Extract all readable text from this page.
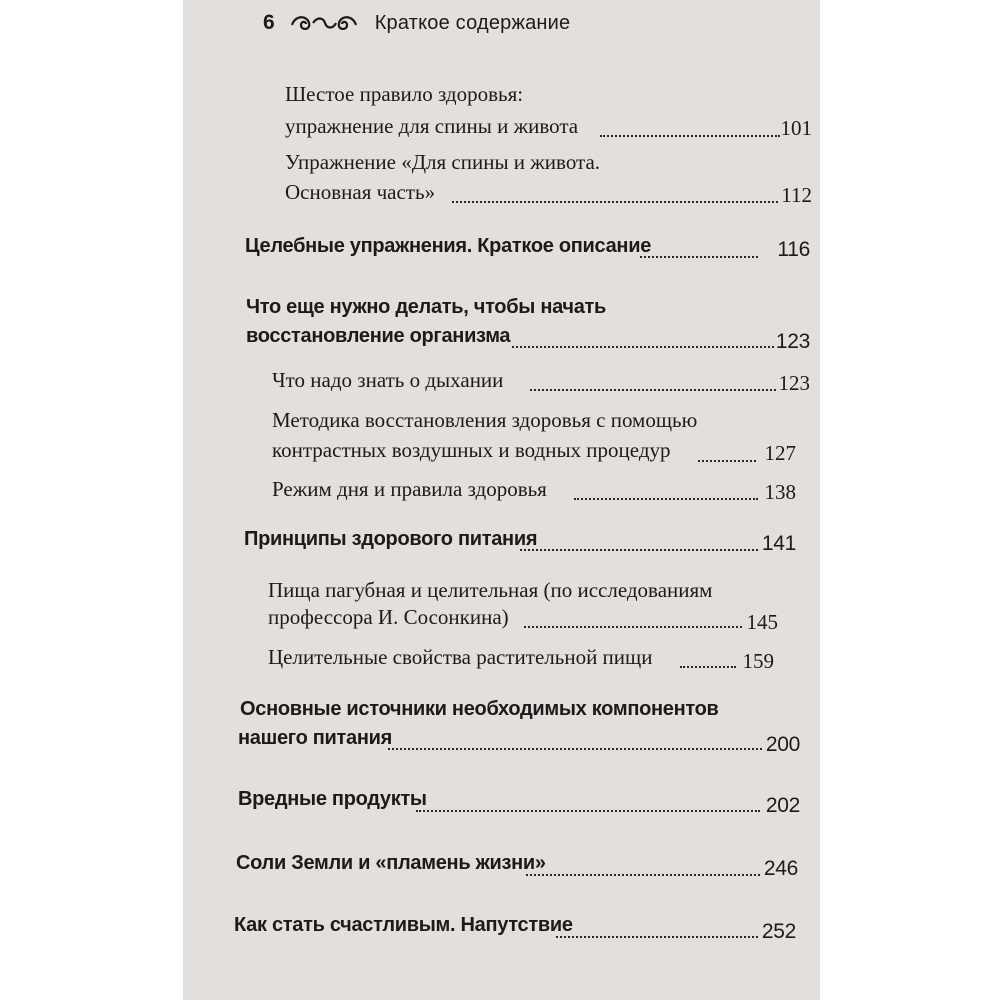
6	Краткое содержание
Шестое правило здоровья:
упражнение для спины и живота	101
Упражнение «Для спины и живота.
Основная часть»	112
Целебные упражнения. Краткое описание	116
Что еще нужно делать, чтобы начать
восстановление организма	123
Что надо знать о дыхании	123
Методика восстановления здоровья с помощью
контрастных воздушных и водных процедур	127
Режим дня и правила здоровья	138
Принципы здорового питания	141
Пища пагубная и целительная (по исследованиям
профессора И. Сосонкина)	145
Целительные свойства растительной пищи	159
Основные источники необходимых компонентов
нашего питания	200
Вредные продукты	202
Соли Земли и «пламень жизни»	246
Как стать счастливым. Напутствие	252
